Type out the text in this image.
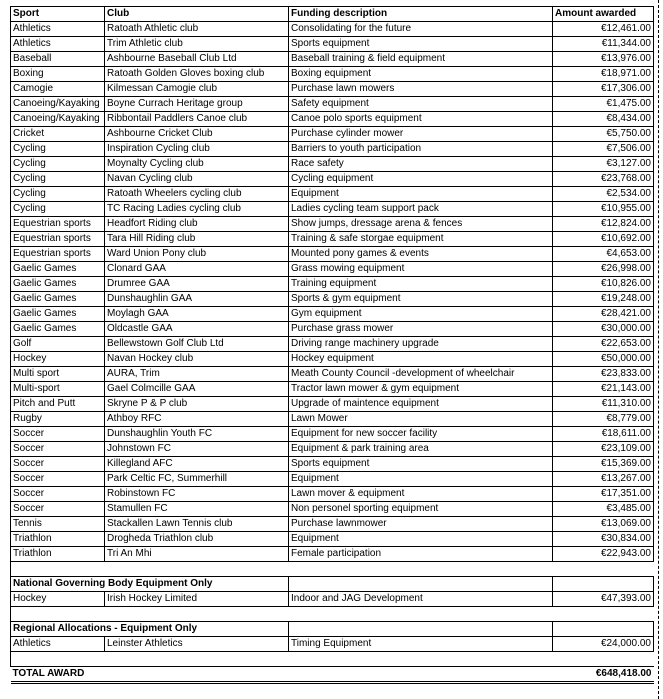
Sport	Club	Funding description	Amount awarded
Athletics	Ratoath Athletic club	Consolidating for the future	€12,461.00
Athletics	Trim Athletic club	Sports equipment	€11,344.00
Baseball	Ashbourne Baseball Club Ltd	Baseball training & field equipment	€13,976.00
Boxing	Ratoath Golden Gloves boxing club	Boxing equipment	€18,971.00
Camogie	Kilmessan Camogie club	Purchase lawn mowers	€17,306.00
Canoeing/Kayaking	Boyne Currach Heritage group	Safety equipment	€1,475.00
Canoeing/Kayaking	Ribbontail Paddlers Canoe club	Canoe polo sports equipment	€8,434.00
Cricket	Ashbourne Cricket Club	Purchase cylinder mower	€5,750.00
Cycling	Inspiration Cycling club	Barriers to youth participation	€7,506.00
Cycling	Moynalty Cycling club	Race safety	€3,127.00
Cycling	Navan Cycling club	Cycling equipment	€23,768.00
Cycling	Ratoath Wheelers cycling club	Equipment	€2,534.00
Cycling	TC Racing Ladies cycling club	Ladies cycling team support pack	€10,955.00
Equestrian sports	Headfort Riding club	Show jumps, dressage arena & fences	€12,824.00
Equestrian sports	Tara Hill Riding club	Training & safe storgae equipment	€10,692.00
Equestrian sports	Ward Union Pony club	Mounted pony games & events	€4,653.00
Gaelic Games	Clonard GAA	Grass mowing equipment	€26,998.00
Gaelic Games	Drumree GAA	Training equipment	€10,826.00
Gaelic Games	Dunshaughlin GAA	Sports & gym equipment	€19,248.00
Gaelic Games	Moylagh GAA	Gym equipment	€28,421.00
Gaelic Games	Oldcastle GAA	Purchase grass mower	€30,000.00
Golf	Bellewstown Golf Club Ltd	Driving range machinery upgrade	€22,653.00
Hockey	Navan Hockey club	Hockey equipment	€50,000.00
Multi sport	AURA, Trim	Meath County Council -development of wheelchair	€23,833.00
Multi-sport	Gael Colmcille GAA	Tractor lawn mower & gym equipment	€21,143.00
Pitch and Putt	Skryne P & P club	Upgrade of maintence equipment	€11,310.00
Rugby	Athboy RFC	Lawn Mower	€8,779.00
Soccer	Dunshaughlin Youth FC	Equipment for new soccer facility	€18,611.00
Soccer	Johnstown FC	Equipment & park training area	€23,109.00
Soccer	Killegland AFC	Sports equipment	€15,369.00
Soccer	Park Celtic FC, Summerhill	Equipment	€13,267.00
Soccer	Robinstown FC	Lawn mover & equipment	€17,351.00
Soccer	Stamullen FC	Non personel sporting equipment	€3,485.00
Tennis	Stackallen Lawn Tennis club	Purchase lawnmower	€13,069.00
Triathlon	Drogheda Triathlon club	Equipment	€30,834.00
Triathlon	Tri An Mhi	Female participation	€22,943.00

National Governing Body Equipment Only			
Hockey	Irish Hockey Limited	Indoor and JAG Development	€47,393.00

Regional Allocations - Equipment Only			
Athletics	Leinster Athletics	Timing Equipment	€24,000.00

TOTAL AWARD			€648,418.00
